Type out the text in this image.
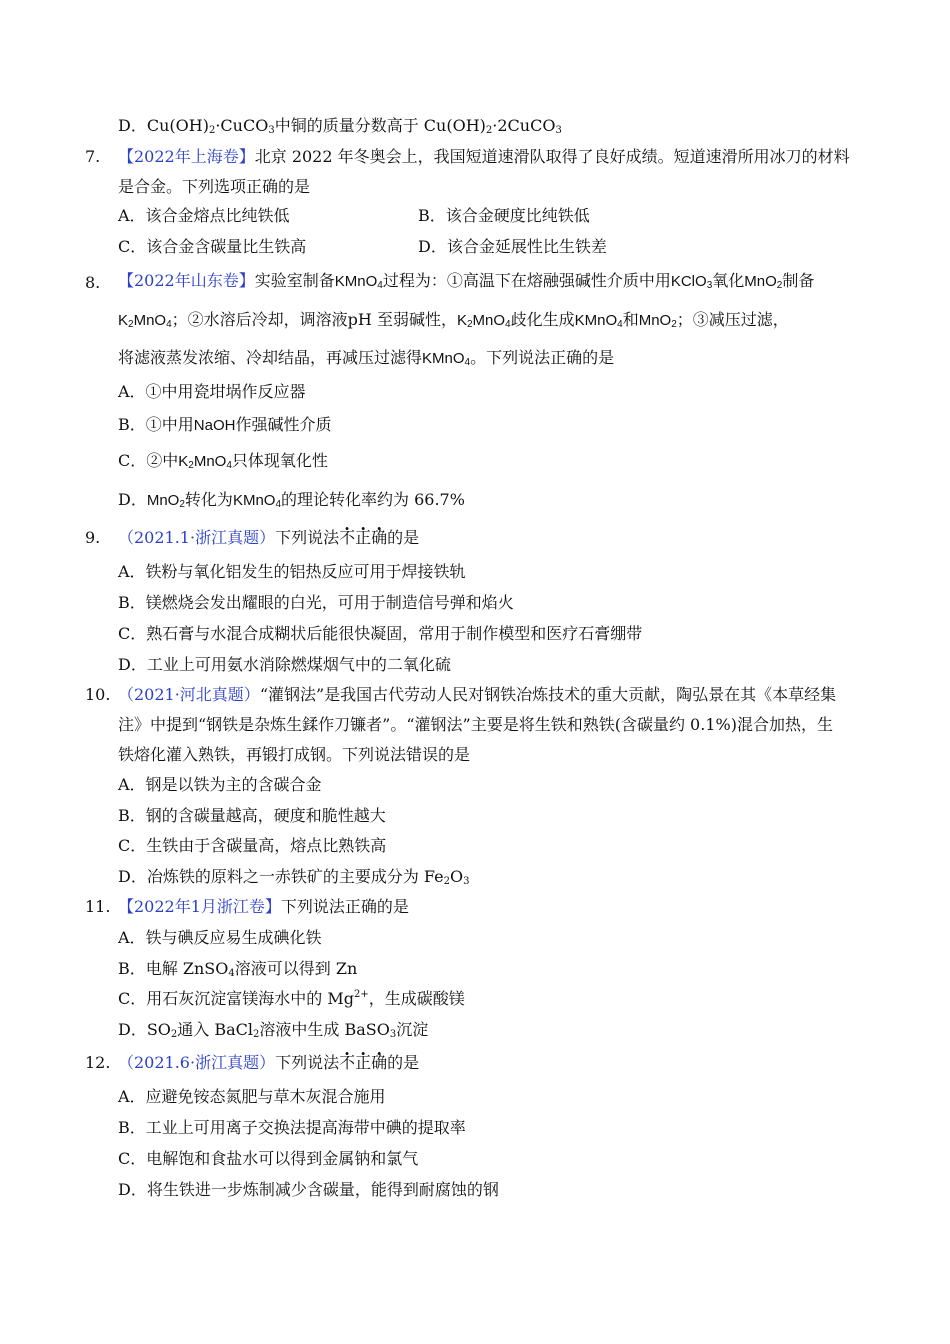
D．$Cu(OH)_2\cdot CuCO_3$中铜的质量分数高于 $Cu(OH)_2\cdot 2CuCO_3$
7. 【2022年上海卷】北京 2022 年冬奥会上，我国短道速滑队取得了良好成绩。短道速滑所用冰刀的材料
是合金。下列选项正确的是
A．该合金熔点比纯铁低	B．该合金硬度比纯铁低
C．该合金含碳量比生铁高	D．该合金延展性比生铁差
8. 【2022年山东卷】实验室制备KMnO$_4$过程为：①高温下在熔融强碱性介质中用KClO$_3$氧化MnO$_2$制备
$K_2MnO_4$；②水溶后冷却，调溶液pH 至弱碱性，$K_2MnO_4$歧化生成KMnO$_4$和MnO$_2$；③减压过滤，
将滤液蒸发浓缩、冷却结晶，再减压过滤得KMnO$_4$。下列说法正确的是
A．①中用瓷坩埚作反应器
B．①中用NaOH作强碱性介质
C．②中$K_2MnO_4$只体现氧化性
D．MnO$_2$转化为KMnO$_4$的理论转化率约为 66.7%
9. （2021.1·浙江真题）下列说法不正确的是
A．铁粉与氧化铝发生的铝热反应可用于焊接铁轨
B．镁燃烧会发出耀眼的白光，可用于制造信号弹和焰火
C．熟石膏与水混合成糊状后能很快凝固，常用于制作模型和医疗石膏绷带
D．工业上可用氨水消除燃煤烟气中的二氧化硫
10. （2021·河北真题）“灌钢法”是我国古代劳动人民对钢铁冶炼技术的重大贡献，陶弘景在其《本草经集
注》中提到“钢铁是杂炼生鍒作刀镰者”。“灌钢法”主要是将生铁和熟铁(含碳量约 0.1%)混合加热，生
铁熔化灌入熟铁，再锻打成钢。下列说法错误的是
A．钢是以铁为主的含碳合金
B．钢的含碳量越高，硬度和脆性越大
C．生铁由于含碳量高，熔点比熟铁高
D．冶炼铁的原料之一赤铁矿的主要成分为 $Fe_2O_3$
11. 【2022年1月浙江卷】下列说法正确的是
A．铁与碘反应易生成碘化铁
B．电解 ZnSO$_4$溶液可以得到 Zn
C．用石灰沉淀富镁海水中的 $Mg^{2+}$，生成碳酸镁
D．$SO_2$通入 BaCl$_2$溶液中生成 BaSO$_3$沉淀
12. （2021.6·浙江真题）下列说法不正确的是
A．应避免铵态氮肥与草木灰混合施用
B．工业上可用离子交换法提高海带中碘的提取率
C．电解饱和食盐水可以得到金属钠和氯气
D．将生铁进一步炼制减少含碳量，能得到耐腐蚀的钢
